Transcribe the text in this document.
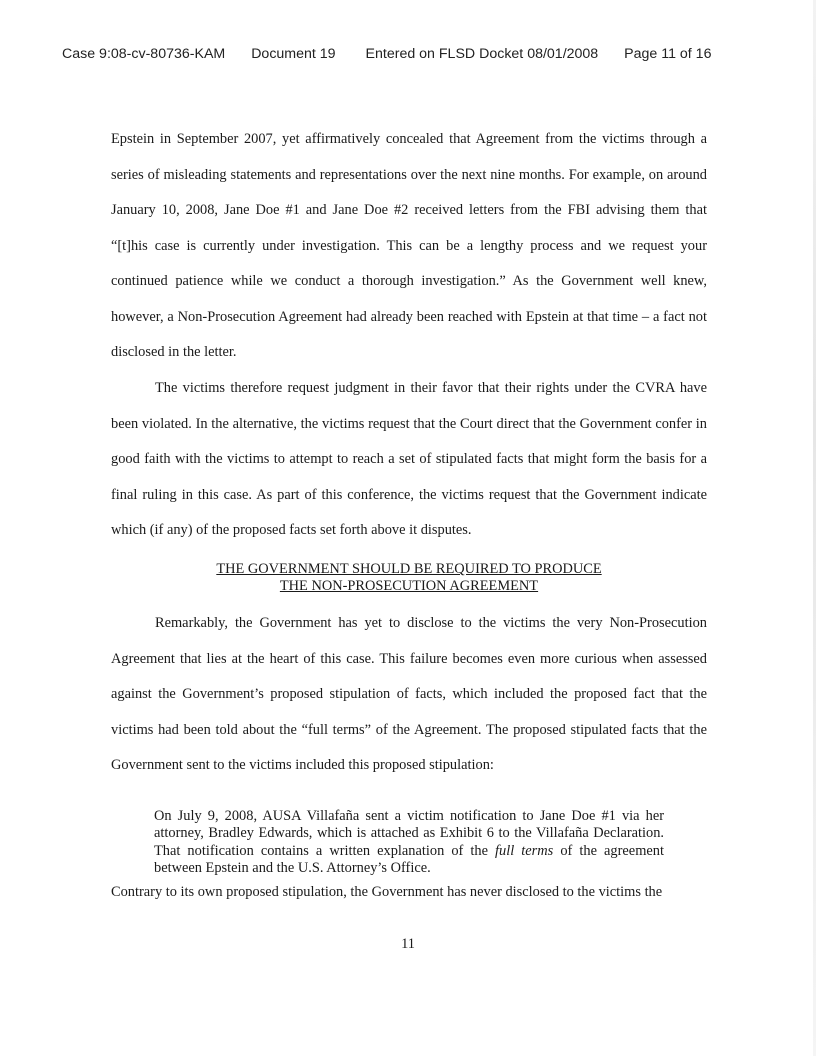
Case 9:08-cv-80736-KAM Document 19 Entered on FLSD Docket 08/01/2008 Page 11 of 16

Epstein in September 2007, yet affirmatively concealed that Agreement from the victims through a series of misleading statements and representations over the next nine months. For example, on around January 10, 2008, Jane Doe #1 and Jane Doe #2 received letters from the FBI advising them that “[t]his case is currently under investigation. This can be a lengthy process and we request your continued patience while we conduct a thorough investigation.” As the Government well knew, however, a Non-Prosecution Agreement had already been reached with Epstein at that time – a fact not disclosed in the letter.

The victims therefore request judgment in their favor that their rights under the CVRA have been violated. In the alternative, the victims request that the Court direct that the Government confer in good faith with the victims to attempt to reach a set of stipulated facts that might form the basis for a final ruling in this case. As part of this conference, the victims request that the Government indicate which (if any) of the proposed facts set forth above it disputes.

THE GOVERNMENT SHOULD BE REQUIRED TO PRODUCE
THE NON-PROSECUTION AGREEMENT

Remarkably, the Government has yet to disclose to the victims the very Non-Prosecution Agreement that lies at the heart of this case. This failure becomes even more curious when assessed against the Government’s proposed stipulation of facts, which included the proposed fact that the victims had been told about the “full terms” of the Agreement. The proposed stipulated facts that the Government sent to the victims included this proposed stipulation:

On July 9, 2008, AUSA Villafaña sent a victim notification to Jane Doe #1 via her attorney, Bradley Edwards, which is attached as Exhibit 6 to the Villafaña Declaration. That notification contains a written explanation of the full terms of the agreement between Epstein and the U.S. Attorney’s Office.

Contrary to its own proposed stipulation, the Government has never disclosed to the victims the

11
